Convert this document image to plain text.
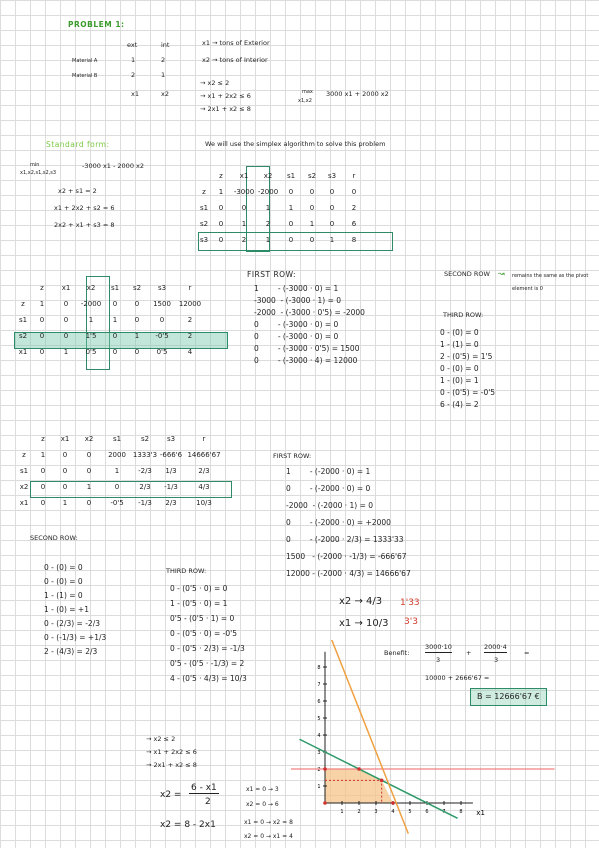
PROBLEM 1:
ext	int
Material A	1	2
Material B	2	1
x1	x2
x1 → tons of Exterior
x2 → tons of Interior
→ x2 ≤ 2
→ x1 + 2x2 ≤ 6
→ 2x1 + x2 ≤ 8
max
x1,x2
3000 x1 + 2000 x2
Standard form:
min
x1,x2,s1,s2,s3
-3000 x1 - 2000 x2
x2 + s1 = 2
x1 + 2x2 + s2 = 6
2x2 + x1 + s3 = 8
We will use the simplex algorithm to solve this problem
	z	x1	x2	s1	s2	s3	r
z	1	-3000	-2000	0	0	0	0
s1	0	0	1	1	0	0	2
s2	0	1	2	0	1	0	6
s3	0	2	1	0	0	1	8
	z	x1	x2	s1	s2	s3	r
z	1	0	-2000	0	0	1500	12000
s1	0	0	1	1	0	0	2
s2	0	0	1'5	0	1	-0'5	2
x1	0	1	0'5	0	0	0'5	4
FIRST ROW:
1        - (-3000 · 0) = 1
-3000  - (-3000 · 1) = 0
-2000  - (-3000 · 0'5) = -2000
0        - (-3000 · 0) = 0
0        - (-3000 · 0) = 0
0        - (-3000 · 0'5) = 1500
0        - (-3000 · 4) = 12000
SECOND ROW ↝ remains the same as the pivot element is 0
THIRD ROW:
0 - (0) = 0
1 - (1) = 0
2 - (0'5) = 1'5
0 - (0) = 0
1 - (0) = 1
0 - (0'5) = -0'5
6 - (4) = 2
	z	x1	x2	s1	s2	s3	r
z	1	0	0	2000	1333'3	-666'6	14666'67
s1	0	0	0	1	-2/3	1/3	2/3
x2	0	0	1	0	2/3	-1/3	4/3
x1	0	1	0	-0'5	-1/3	2/3	10/3
FIRST ROW:
1        - (-2000 · 0) = 1
0        - (-2000 · 0) = 0
-2000  - (-2000 · 1) = 0
0        - (-2000 · 0) = +2000
0        - (-2000 · 2/3) = 1333'33
1500   - (-2000 · -1/3) = -666'67
12000 - (-2000 · 4/3) = 14666'67
SECOND ROW:
0 - (0) = 0
0 - (0) = 0
1 - (1) = 0
1 - (0) = +1
0 - (2/3) = -2/3
0 - (-1/3) = +1/3
2 - (4/3) = 2/3
THIRD ROW:
0 - (0'5 · 0) = 0
1 - (0'5 · 0) = 1
0'5 - (0'5 · 1) = 0
0 - (0'5 · 0) = -0'5
0 - (0'5 · 2/3) = -1/3
0'5 - (0'5 · -1/3) = 2
4 - (0'5 · 4/3) = 10/3
x2 → 4/3 1'33
x1 → 10/3 3'3
Benefit:
3000·10
3
+
2000·4
3
=
10000 + 2666'67 =
B = 12666'67 €
→ x2 ≤ 2
→ x1 + 2x2 ≤ 6
→ 2x1 + x2 ≤ 8
x2 =
6 - x1
2
x1 = 0 → 3
x2 = 0 → 6
x2 = 8 - 2x1	x1 = 0 → x2 = 8
x2 = 0 → x1 = 4
1	2	3	4	5	6	8
1
2
3
4
5
6
7
8
x1
